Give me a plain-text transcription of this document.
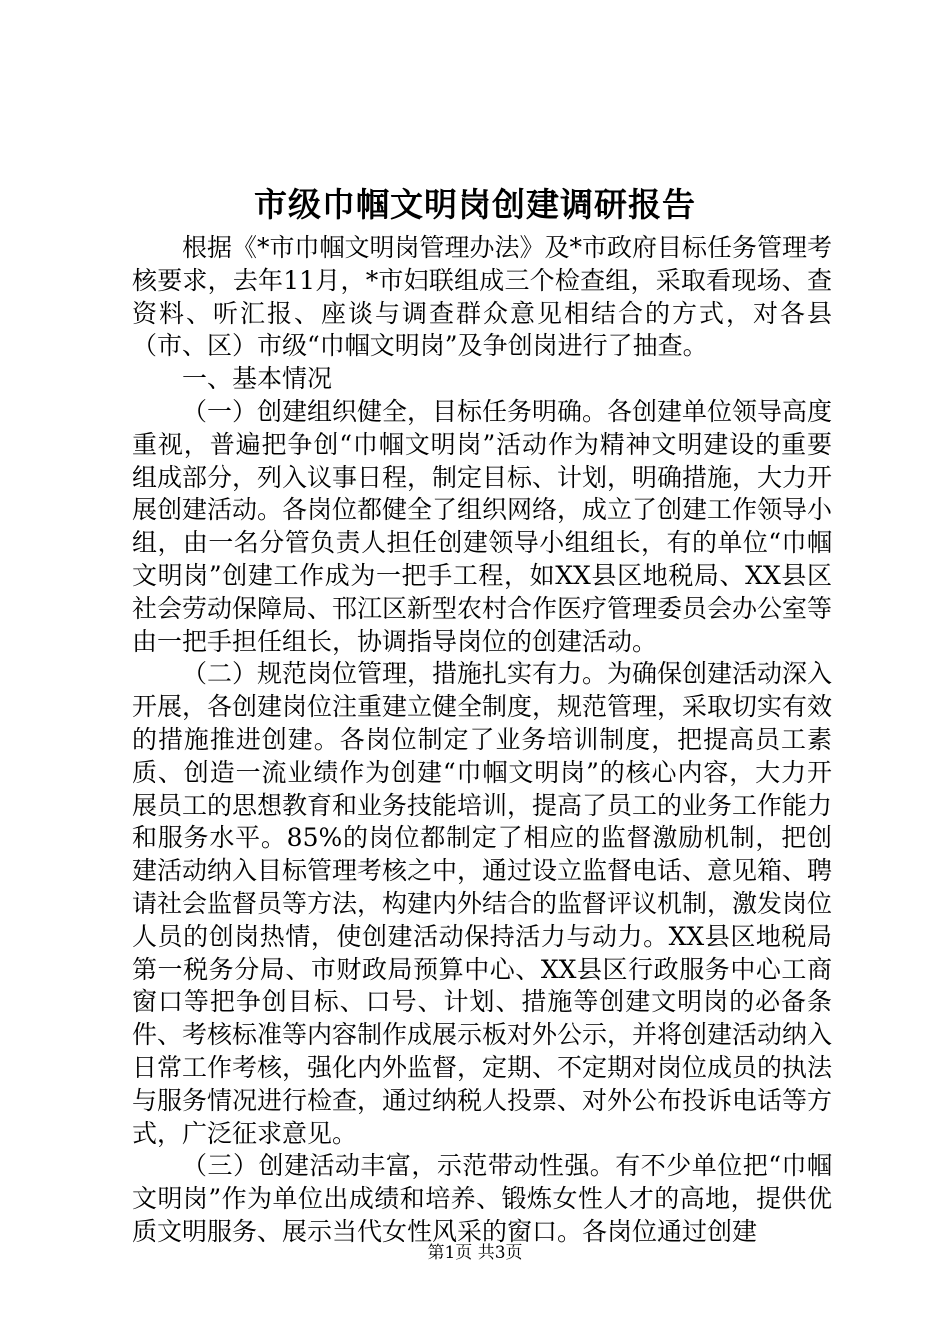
市级巾帼文明岗创建调研报告

根据《*市巾帼文明岗管理办法》及*市政府目标任务管理考核要求，去年11月，*市妇联组成三个检查组，采取看现场、查资料、听汇报、座谈与调查群众意见相结合的方式，对各县（市、区）市级“巾帼文明岗”及争创岗进行了抽查。

一、基本情况

（一）创建组织健全，目标任务明确。各创建单位领导高度重视，普遍把争创“巾帼文明岗”活动作为精神文明建设的重要组成部分，列入议事日程，制定目标、计划，明确措施，大力开展创建活动。各岗位都健全了组织网络，成立了创建工作领导小组，由一名分管负责人担任创建领导小组组长，有的单位“巾帼文明岗”创建工作成为一把手工程，如XX县区地税局、XX县区社会劳动保障局、邗江区新型农村合作医疗管理委员会办公室等由一把手担任组长，协调指导岗位的创建活动。

（二）规范岗位管理，措施扎实有力。为确保创建活动深入开展，各创建岗位注重建立健全制度，规范管理，采取切实有效的措施推进创建。各岗位制定了业务培训制度，把提高员工素质、创造一流业绩作为创建“巾帼文明岗”的核心内容，大力开展员工的思想教育和业务技能培训，提高了员工的业务工作能力和服务水平。85%的岗位都制定了相应的监督激励机制，把创建活动纳入目标管理考核之中，通过设立监督电话、意见箱、聘请社会监督员等方法，构建内外结合的监督评议机制，激发岗位人员的创岗热情，使创建活动保持活力与动力。XX县区地税局第一税务分局、市财政局预算中心、XX县区行政服务中心工商窗口等把争创目标、口号、计划、措施等创建文明岗的必备条件、考核标准等内容制作成展示板对外公示，并将创建活动纳入日常工作考核，强化内外监督，定期、不定期对岗位成员的执法与服务情况进行检查，通过纳税人投票、对外公布投诉电话等方式，广泛征求意见。

（三）创建活动丰富，示范带动性强。有不少单位把“巾帼文明岗”作为单位出成绩和培养、锻炼女性人才的高地，提供优质文明服务、展示当代女性风采的窗口。各岗位通过创建

第1页 共3页
